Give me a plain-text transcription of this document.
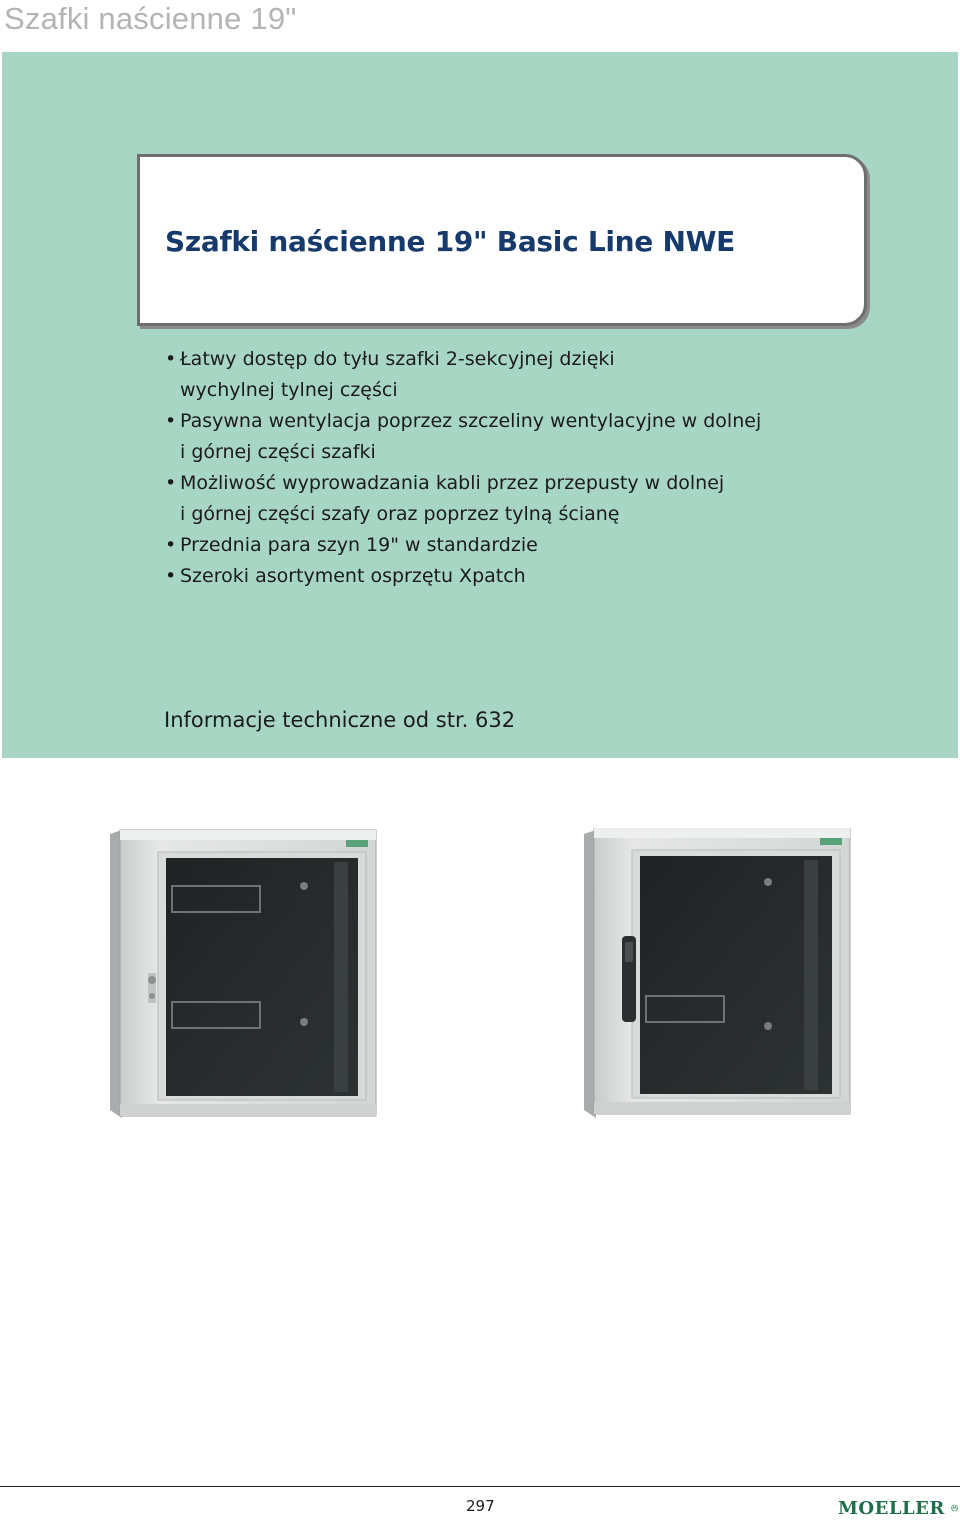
Szafki naścienne 19"
Szafki naścienne 19" Basic Line NWE
• Łatwy dostęp do tyłu szafki 2-sekcyjnej dzięki
wychylnej tylnej części
• Pasywna wentylacja poprzez szczeliny wentylacyjne w dolnej
i górnej części szafki
• Możliwość wyprowadzania kabli przez przepusty w dolnej
i górnej części szafy oraz poprzez tylną ścianę
• Przednia para szyn 19" w standardzie
• Szeroki asortyment osprzętu Xpatch
Informacje techniczne od str. 632
297	MOELLER
